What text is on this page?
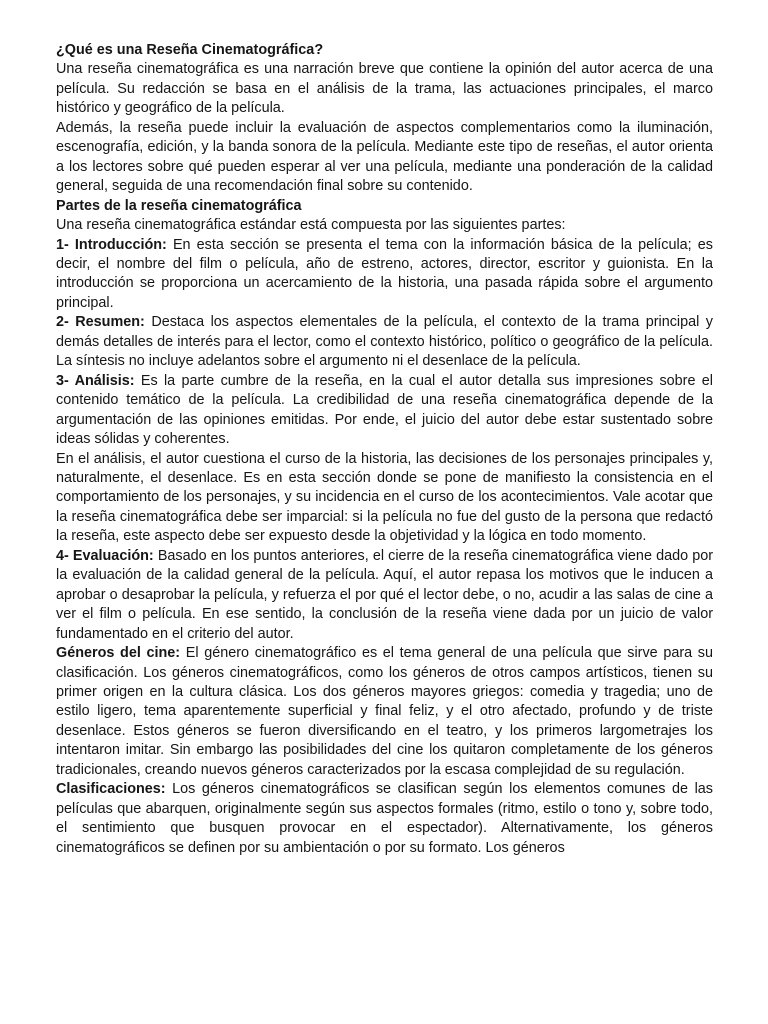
¿Qué es una Reseña Cinematográfica?

Una reseña cinematográfica es una narración breve que contiene la opinión del autor acerca de una película. Su redacción se basa en el análisis de la trama, las actuaciones principales, el marco histórico y geográfico de la película.

Además, la reseña puede incluir la evaluación de aspectos complementarios como la iluminación, escenografía, edición, y la banda sonora de la película. Mediante este tipo de reseñas, el autor orienta a los lectores sobre qué pueden esperar al ver una película, mediante una ponderación de la calidad general, seguida de una recomendación final sobre su contenido.

Partes de la reseña cinematográfica

Una reseña cinematográfica estándar está compuesta por las siguientes partes:

1- Introducción: En esta sección se presenta el tema con la información básica de la película; es decir, el nombre del film o película, año de estreno, actores, director, escritor y guionista. En la introducción se proporciona un acercamiento de la historia, una pasada rápida sobre el argumento principal.

2- Resumen: Destaca los aspectos elementales de la película, el contexto de la trama principal y demás detalles de interés para el lector, como el contexto histórico, político o geográfico de la película. La síntesis no incluye adelantos sobre el argumento ni el desenlace de la película.

3- Análisis: Es la parte cumbre de la reseña, en la cual el autor detalla sus impresiones sobre el contenido temático de la película. La credibilidad de una reseña cinematográfica depende de la argumentación de las opiniones emitidas. Por ende, el juicio del autor debe estar sustentado sobre ideas sólidas y coherentes.

En el análisis, el autor cuestiona el curso de la historia, las decisiones de los personajes principales y, naturalmente, el desenlace. Es en esta sección donde se pone de manifiesto la consistencia en el comportamiento de los personajes, y su incidencia en el curso de los acontecimientos. Vale acotar que la reseña cinematográfica debe ser imparcial: si la película no fue del gusto de la persona que redactó la reseña, este aspecto debe ser expuesto desde la objetividad y la lógica en todo momento.

4- Evaluación: Basado en los puntos anteriores, el cierre de la reseña cinematográfica viene dado por la evaluación de la calidad general de la película. Aquí, el autor repasa los motivos que le inducen a aprobar o desaprobar la película, y refuerza el por qué el lector debe, o no, acudir a las salas de cine a ver el film o película. En ese sentido, la conclusión de la reseña viene dada por un juicio de valor fundamentado en el criterio del autor.

Géneros del cine: El género cinematográfico es el tema general de una película que sirve para su clasificación. Los géneros cinematográficos, como los géneros de otros campos artísticos, tienen su primer origen en la cultura clásica. Los dos géneros mayores griegos: comedia y tragedia; uno de estilo ligero, tema aparentemente superficial y final feliz, y el otro afectado, profundo y de triste desenlace. Estos géneros se fueron diversificando en el teatro, y los primeros largometrajes los intentaron imitar. Sin embargo las posibilidades del cine los quitaron completamente de los géneros tradicionales, creando nuevos géneros caracterizados por la escasa complejidad de su regulación.

Clasificaciones: Los géneros cinematográficos se clasifican según los elementos comunes de las películas que abarquen, originalmente según sus aspectos formales (ritmo, estilo o tono y, sobre todo, el sentimiento que busquen provocar en el espectador). Alternativamente, los géneros cinematográficos se definen por su ambientación o por su formato. Los géneros
